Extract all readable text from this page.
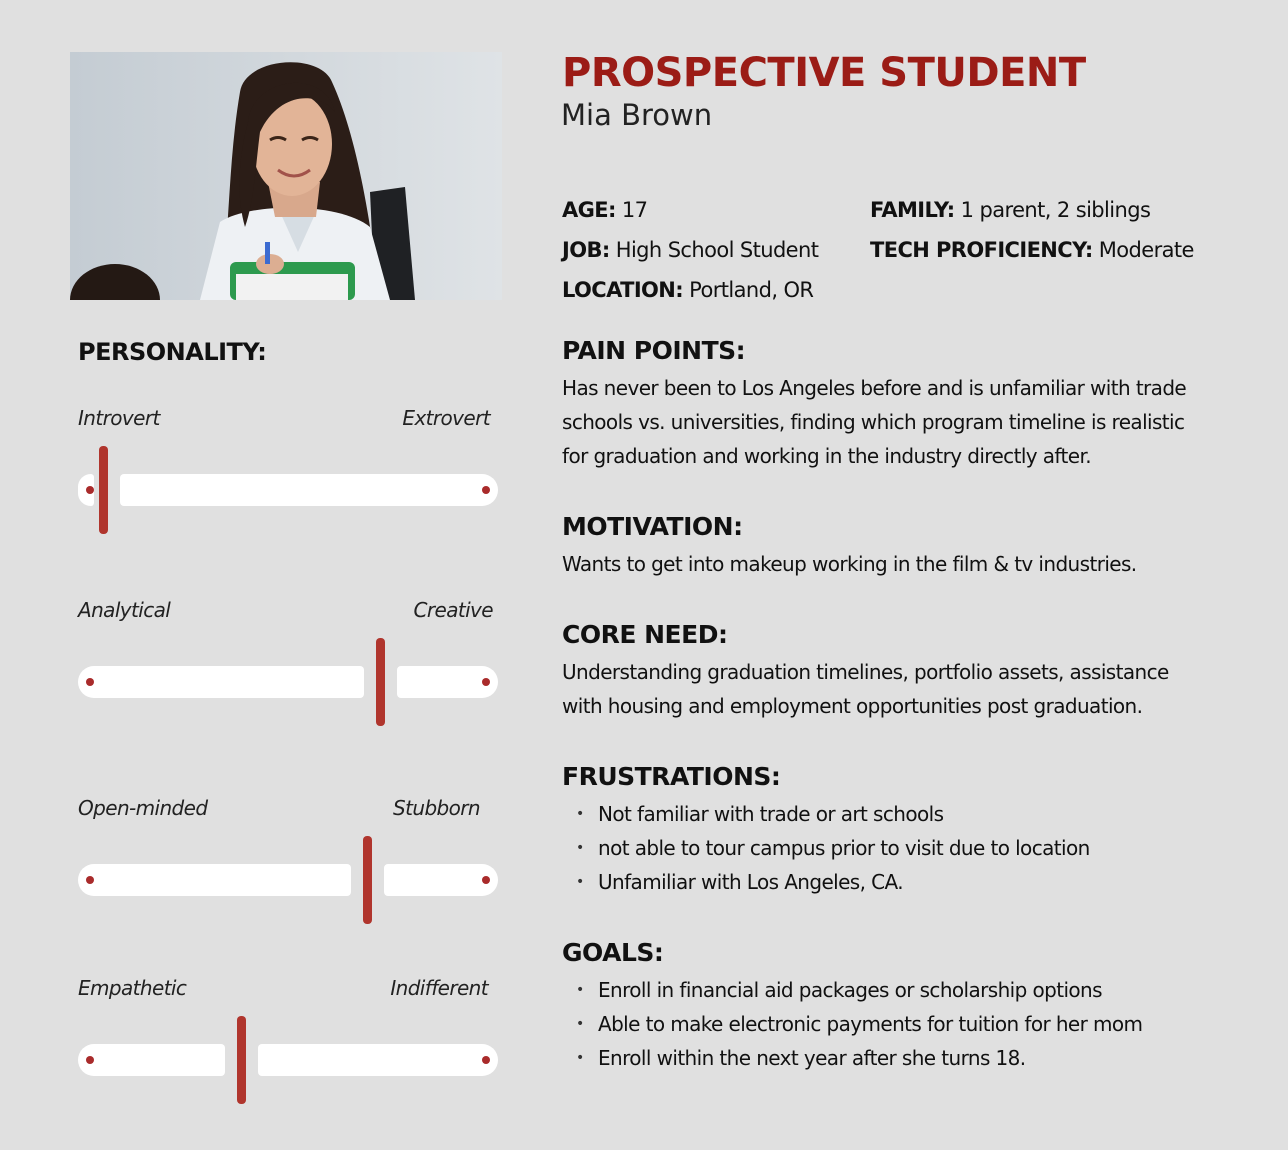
PROSPECTIVE STUDENT
Mia Brown
AGE: 17
JOB: High School Student
LOCATION: Portland, OR
FAMILY: 1 parent, 2 siblings
TECH PROFICIENCY: Moderate
PERSONALITY:
Introvert	Extrovert
Analytical	Creative
Open-minded	Stubborn
Empathetic	Indifferent
PAIN POINTS:
Has never been to Los Angeles before and is unfamiliar with trade schools vs. universities, finding which program timeline is realistic for graduation and working in the industry directly after.
MOTIVATION:
Wants to get into makeup working in the film & tv industries.
CORE NEED:
Understanding graduation timelines, portfolio assets, assistance with housing and employment opportunities post graduation.
FRUSTRATIONS:
• Not familiar with trade or art schools
• not able to tour campus prior to visit due to location
• Unfamiliar with Los Angeles, CA.
GOALS:
• Enroll in financial aid packages or scholarship options
• Able to make electronic payments for tuition for her mom
• Enroll within the next year after she turns 18.
